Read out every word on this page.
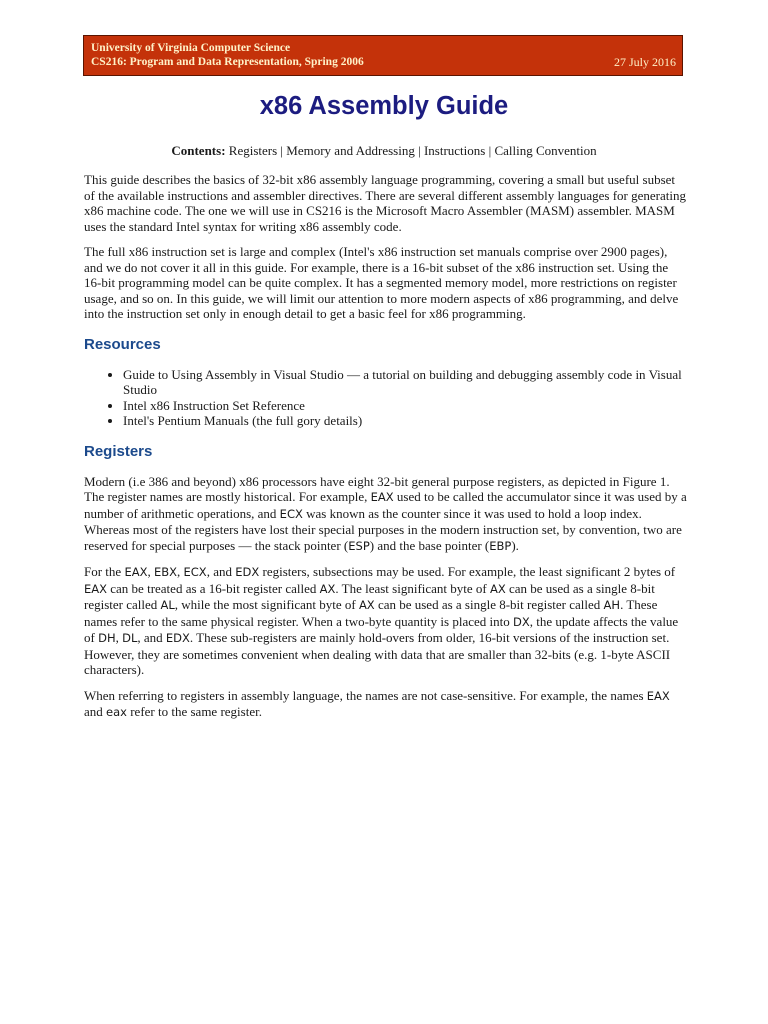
University of Virginia Computer Science
CS216: Program and Data Representation, Spring 2006	27 July 2016
x86 Assembly Guide
Contents: Registers | Memory and Addressing | Instructions | Calling Convention

This guide describes the basics of 32-bit x86 assembly language programming, covering a small but useful subset of the available instructions and assembler directives. There are several different assembly languages for generating x86 machine code. The one we will use in CS216 is the Microsoft Macro Assembler (MASM) assembler. MASM uses the standard Intel syntax for writing x86 assembly code.

The full x86 instruction set is large and complex (Intel's x86 instruction set manuals comprise over 2900 pages), and we do not cover it all in this guide. For example, there is a 16-bit subset of the x86 instruction set. Using the 16-bit programming model can be quite complex. It has a segmented memory model, more restrictions on register usage, and so on. In this guide, we will limit our attention to more modern aspects of x86 programming, and delve into the instruction set only in enough detail to get a basic feel for x86 programming.

Resources
• Guide to Using Assembly in Visual Studio — a tutorial on building and debugging assembly code in Visual Studio
• Intel x86 Instruction Set Reference
• Intel's Pentium Manuals (the full gory details)
Registers

Modern (i.e 386 and beyond) x86 processors have eight 32-bit general purpose registers, as depicted in Figure 1. The register names are mostly historical. For example, EAX used to be called the accumulator since it was used by a number of arithmetic operations, and ECX was known as the counter since it was used to hold a loop index. Whereas most of the registers have lost their special purposes in the modern instruction set, by convention, two are reserved for special purposes — the stack pointer (ESP) and the base pointer (EBP).

For the EAX, EBX, ECX, and EDX registers, subsections may be used. For example, the least significant 2 bytes of EAX can be treated as a 16-bit register called AX. The least significant byte of AX can be used as a single 8-bit register called AL, while the most significant byte of AX can be used as a single 8-bit register called AH. These names refer to the same physical register. When a two-byte quantity is placed into DX, the update affects the value of DH, DL, and EDX. These sub-registers are mainly hold-overs from older, 16-bit versions of the instruction set. However, they are sometimes convenient when dealing with data that are smaller than 32-bits (e.g. 1-byte ASCII characters).

When referring to registers in assembly language, the names are not case-sensitive. For example, the names EAX and eax refer to the same register.
